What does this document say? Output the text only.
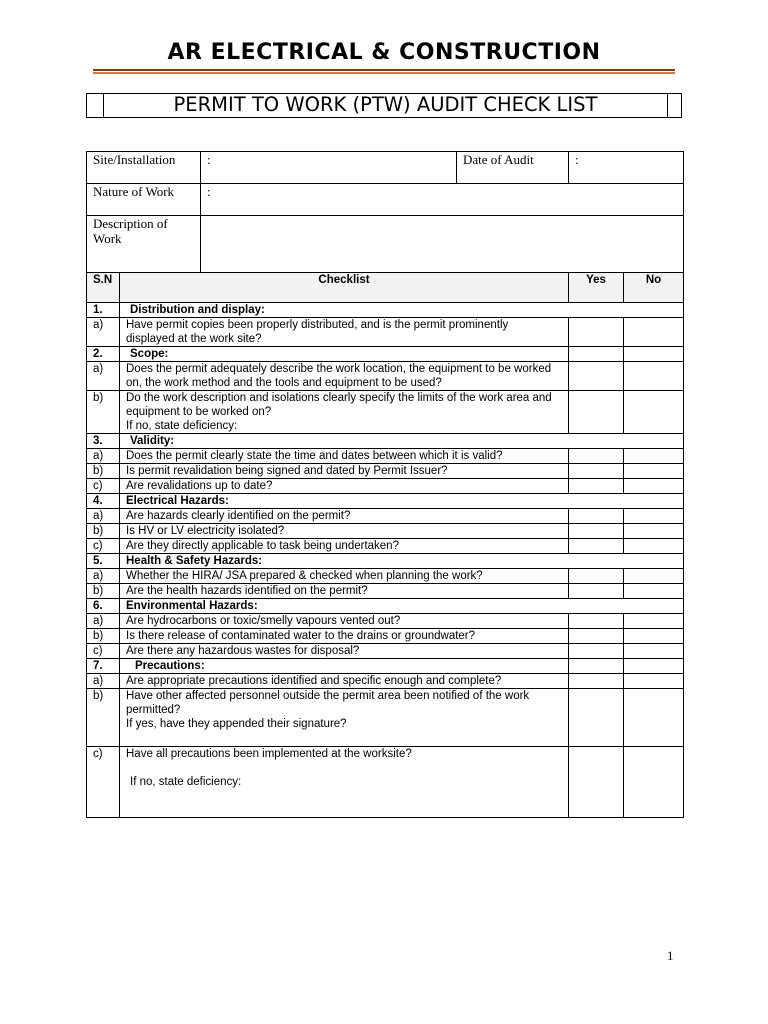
AR ELECTRICAL & CONSTRUCTION
PERMIT TO WORK (PTW) AUDIT CHECK LIST
Site/Installation	:	Date of Audit	:
Nature of Work	:		
Description of Work			
S.N	Checklist	Yes	No
1.	Distribution and display:		
a)	Have permit copies been properly distributed, and is the permit prominently
displayed at the work site?		

2.	Scope:		
a)	Does the permit adequately describe the work location, the equipment to be worked
on, the work method and the tools and equipment to be used?		

b)	Do the work description and isolations clearly specify the limits of the work area and
equipment to be worked on?
If no, state deficiency:		

3.	Validity:		
a)	Does the permit clearly state the time and dates between which it is valid?		
b)	Is permit revalidation being signed and dated by Permit Issuer?		
c)	Are revalidations up to date?		
4.	Electrical Hazards:		
a)	Are hazards clearly identified on the permit?		
b)	Is HV or LV electricity isolated?		
c)	Are they directly applicable to task being undertaken?		
5.	Health & Safety Hazards:		
a)	Whether the HIRA/ JSA prepared & checked when planning the work?		
b)	Are the health hazards identified on the permit?		
6.	Environmental Hazards:		
a)	Are hydrocarbons or toxic/smelly vapours vented out?		
b)	Is there release of contaminated water to the drains or groundwater?		
c)	Are there any hazardous wastes for disposal?		
7.	Precautions:		
a)	Are appropriate precautions identified and specific enough and complete?		
b)	Have other affected personnel outside the permit area been notified of the work
permitted?
If yes, have they appended their signature?		

c)	Have all precautions been implemented at the worksite?
If no, state deficiency:		

1
